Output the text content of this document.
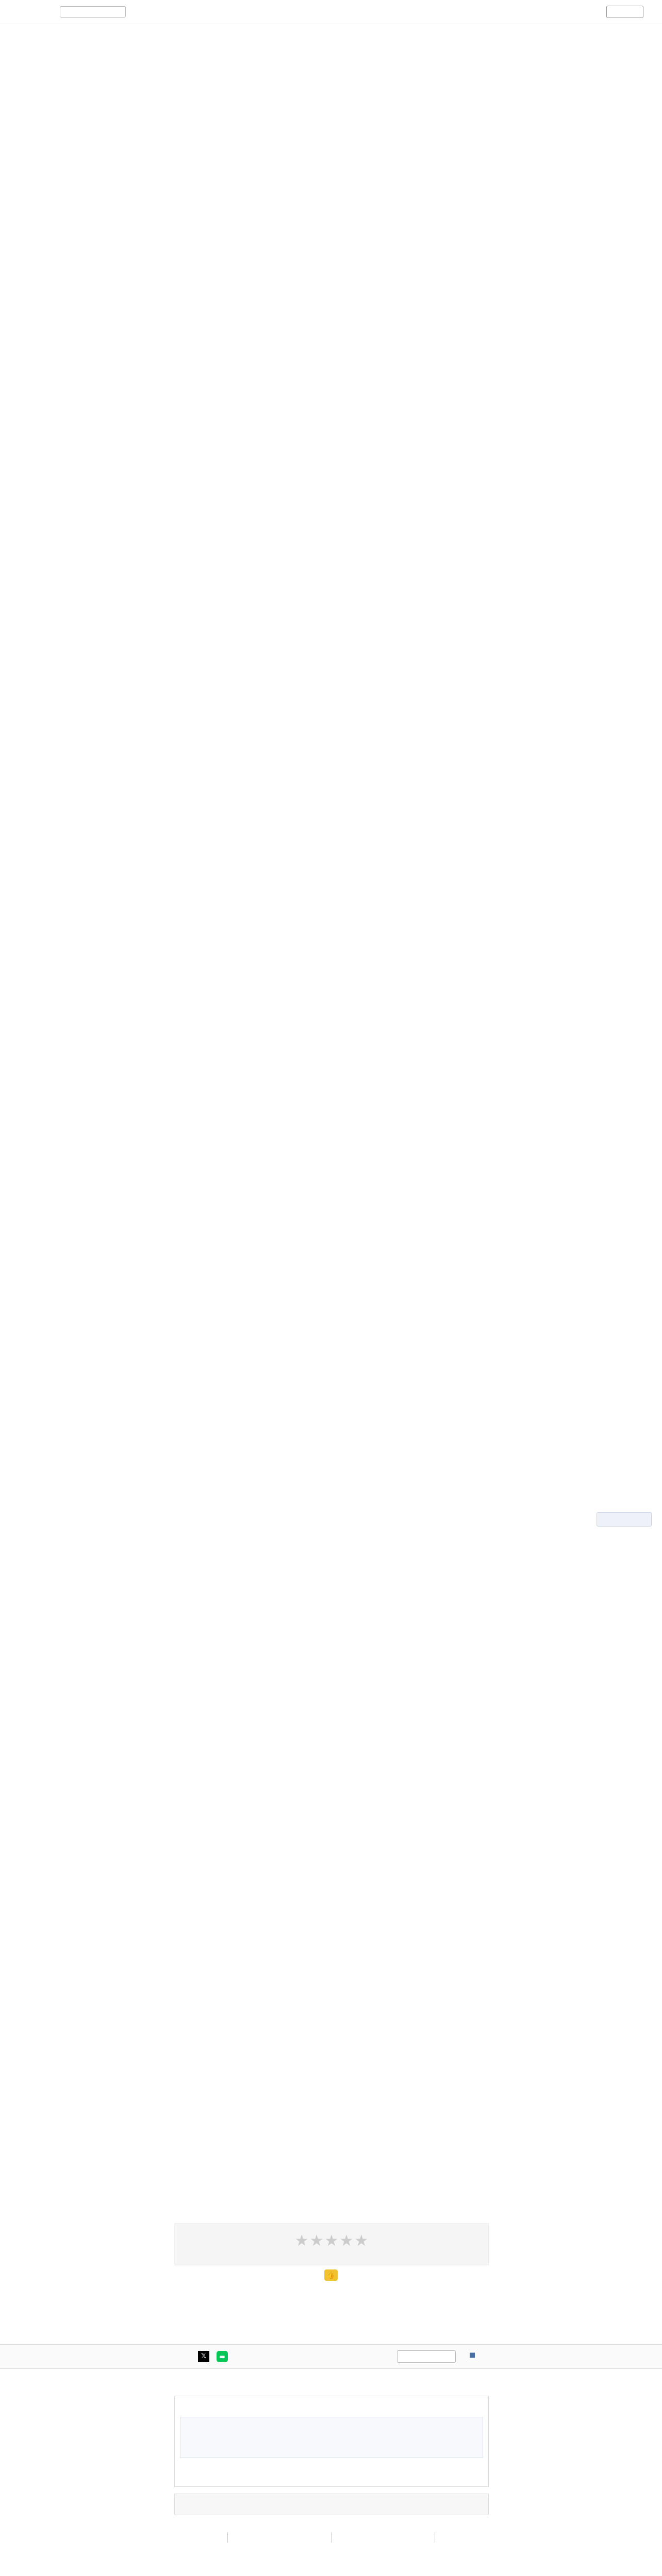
★★★★★
👍
𝕏	▬	■
